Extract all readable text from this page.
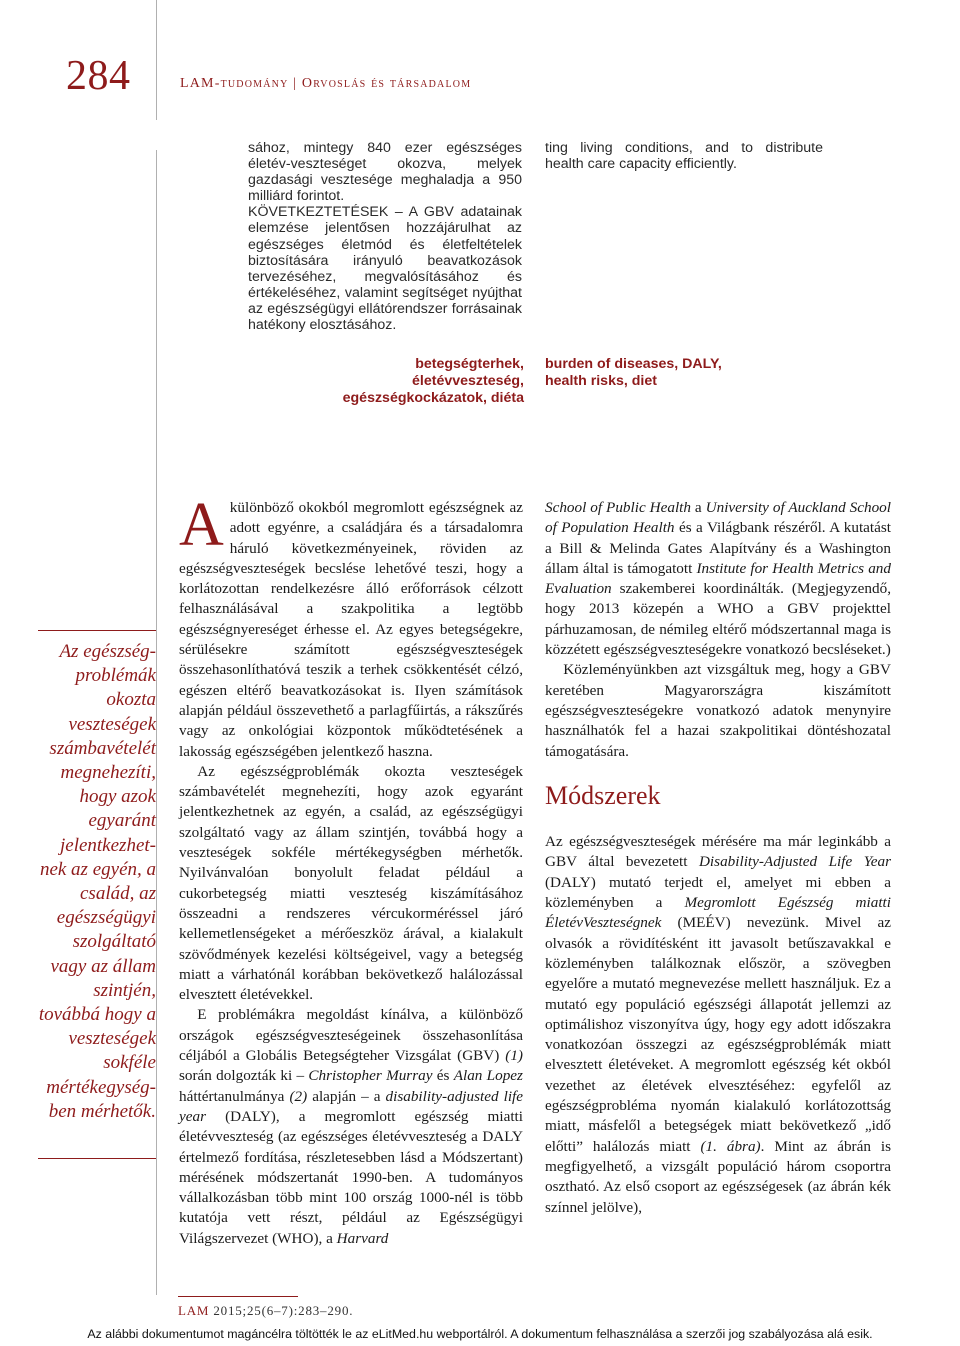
284	LAM-tudomány | Orvoslás és társadalom

sához, mintegy 840 ezer egészséges életév-veszteséget okozva, melyek gazdasági vesztesége meghaladja a 950 milliárd forintot.

KÖVETKEZTETÉSEK – A GBV adatainak elemzése jelentősen hozzájárulhat az egészséges életmód és életfeltételek biztosítására irányuló beavatkozások tervezéséhez, megvalósításához és értékeléséhez, valamint segítséget nyújthat az egészségügyi ellátórendszer forrásainak hatékony elosztásához.

betegségterhek, életévveszteség, egészségkockázatok, diéta

ting living conditions, and to distribute health care capacity efficiently.

burden of diseases, DALY, health risks, diet
Az egészség-problémák okozta veszteségek számbavételét megnehezíti, hogy azok egyaránt jelentkezhet-nek az egyén, a család, az egészségügyi szolgáltató vagy az állam szintjén, továbbá hogy a veszteségek sokféle mértékegység-ben mérhetők.

A különböző okokból megromlott egészségnek az adott egyénre, a családjára és a társadalomra háruló következményeinek, röviden az egészségveszteségek becslése lehetővé teszi, hogy a korlátozottan rendelkezésre álló erőforrások célzott felhasználásával a szakpolitika a legtöbb egészségnyereséget érhesse el. Az egyes betegségekre, sérülésekre számított egészségveszteségek összehasonlíthatóvá teszik a terhek csökkentését célzó, egészen eltérő beavatkozásokat is. Ilyen számítások alapján például összevethető a parlagfűirtás, a rákszűrés vagy az onkológiai központok működtetésének a lakosság egészségében jelentkező haszna.

Az egészségproblémák okozta veszteségek számbavételét megnehezíti, hogy azok egyaránt jelentkezhetnek az egyén, a család, az egészségügyi szolgáltató vagy az állam szintjén, továbbá hogy a veszteségek sokféle mértékegységben mérhetők. Nyilvánvalóan bonyolult feladat például a cukorbetegség miatti veszteség kiszámításához összeadni a rendszeres vércukorméréssel járó kellemetlenségeket a mérőeszköz árával, a kialakult szövődmények kezelési költségeivel, vagy a betegség miatt a várhatónál korábban bekövetkező halálozással elvesztett életévekkel.

E problémákra megoldást kínálva, a különböző országok egészségveszteségeinek összehasonlítása céljából a Globális Betegségteher Vizsgálat (GBV) (1) során dolgozták ki – Christopher Murray és Alan Lopez háttértanulmánya (2) alapján – a disability-adjusted life year (DALY), a megromlott egészség miatti életévveszteség (az egészséges életévveszteség a DALY értelmező fordítása, részletesebben lásd a Módszertant) mérésének módszertanát 1990-ben. A tudományos vállalkozásban több mint 100 ország 1000-nél is több kutatója vett részt, például az Egészségügyi Világszervezet (WHO), a Harvard

School of Public Health a University of Auckland School of Population Health és a Világbank részéről. A kutatást a Bill & Melinda Gates Alapítvány és a Washington állam által is támogatott Institute for Health Metrics and Evaluation szakemberei koordinálták. (Megjegyzendő, hogy 2013 közepén a WHO a GBV projekttel párhuzamosan, de némileg eltérő módszertannal maga is közzétett egészségveszteségekre vonatkozó becsléseket.)

Közleményünkben azt vizsgáltuk meg, hogy a GBV keretében Magyarországra kiszámított egészségveszteségekre vonatkozó adatok menynyire használhatók fel a hazai szakpolitikai döntéshozatal támogatására.

Módszerek

Az egészségveszteségek mérésére ma már leginkább a GBV által bevezetett Disability-Adjusted Life Year (DALY) mutató terjedt el, amelyet mi ebben a közleményben a Megromlott Egészség miatti ÉletévVeszteségnek (MEÉV) nevezünk. Mivel az olvasók a rövidítésként itt javasolt betűszavakkal e közleményben találkoznak először, a szövegben egyelőre a mutató megnevezése mellett használjuk. Ez a mutató egy populáció egészségi állapotát jellemzi az optimálishoz viszonyítva úgy, hogy egy adott időszakra vonatkozóan összegzi az egészségproblémák miatt elvesztett életéveket. A megromlott egészség két okból vezethet az életévek elvesztéséhez: egyfelől az egészségprobléma nyomán kialakuló korlátozottság miatt, másfelől a betegségek miatt bekövetkező „idő előtti” halálozás miatt (1. ábra). Mint az ábrán is megfigyelhető, a vizsgált populáció három csoportra osztható. Az első csoport az egészségesek (az ábrán kék színnel jelölve),

LAM 2015;25(6–7):283–290.
Az alábbi dokumentumot magáncélra töltötték le az eLitMed.hu webportálról. A dokumentum felhasználása a szerzői jog szabályozása alá esik.
